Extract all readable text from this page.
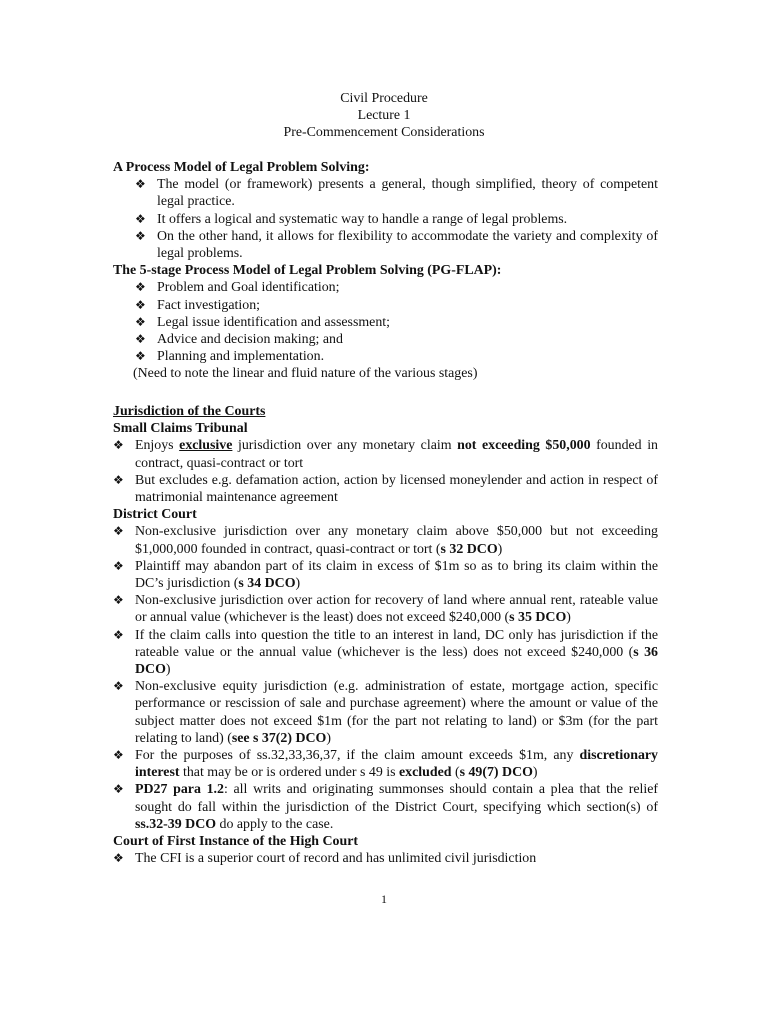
Civil Procedure
Lecture 1
Pre-Commencement Considerations
A Process Model of Legal Problem Solving:
❖ The model (or framework) presents a general, though simplified, theory of competent legal practice.
❖ It offers a logical and systematic way to handle a range of legal problems.
❖ On the other hand, it allows for flexibility to accommodate the variety and complexity of legal problems.
The 5-stage Process Model of Legal Problem Solving (PG-FLAP):
❖ Problem and Goal identification;
❖ Fact investigation;
❖ Legal issue identification and assessment;
❖ Advice and decision making; and
❖ Planning and implementation.
(Need to note the linear and fluid nature of the various stages)
Jurisdiction of the Courts
Small Claims Tribunal
❖ Enjoys exclusive jurisdiction over any monetary claim not exceeding $50,000 founded in contract, quasi-contract or tort
❖ But excludes e.g. defamation action, action by licensed moneylender and action in respect of matrimonial maintenance agreement
District Court
❖ Non-exclusive jurisdiction over any monetary claim above $50,000 but not exceeding $1,000,000 founded in contract, quasi-contract or tort (s 32 DCO)
❖ Plaintiff may abandon part of its claim in excess of $1m so as to bring its claim within the DC’s jurisdiction (s 34 DCO)
❖ Non-exclusive jurisdiction over action for recovery of land where annual rent, rateable value or annual value (whichever is the least) does not exceed $240,000 (s 35 DCO)
❖ If the claim calls into question the title to an interest in land, DC only has jurisdiction if the rateable value or the annual value (whichever is the less) does not exceed $240,000 (s 36 DCO)
❖ Non-exclusive equity jurisdiction (e.g. administration of estate, mortgage action, specific performance or rescission of sale and purchase agreement) where the amount or value of the subject matter does not exceed $1m (for the part not relating to land) or $3m (for the part relating to land) (see s 37(2) DCO)
❖ For the purposes of ss.32,33,36,37, if the claim amount exceeds $1m, any discretionary interest that may be or is ordered under s 49 is excluded (s 49(7) DCO)
❖ PD27 para 1.2: all writs and originating summonses should contain a plea that the relief sought do fall within the jurisdiction of the District Court, specifying which section(s) of ss.32-39 DCO do apply to the case.
Court of First Instance of the High Court
❖ The CFI is a superior court of record and has unlimited civil jurisdiction
1
